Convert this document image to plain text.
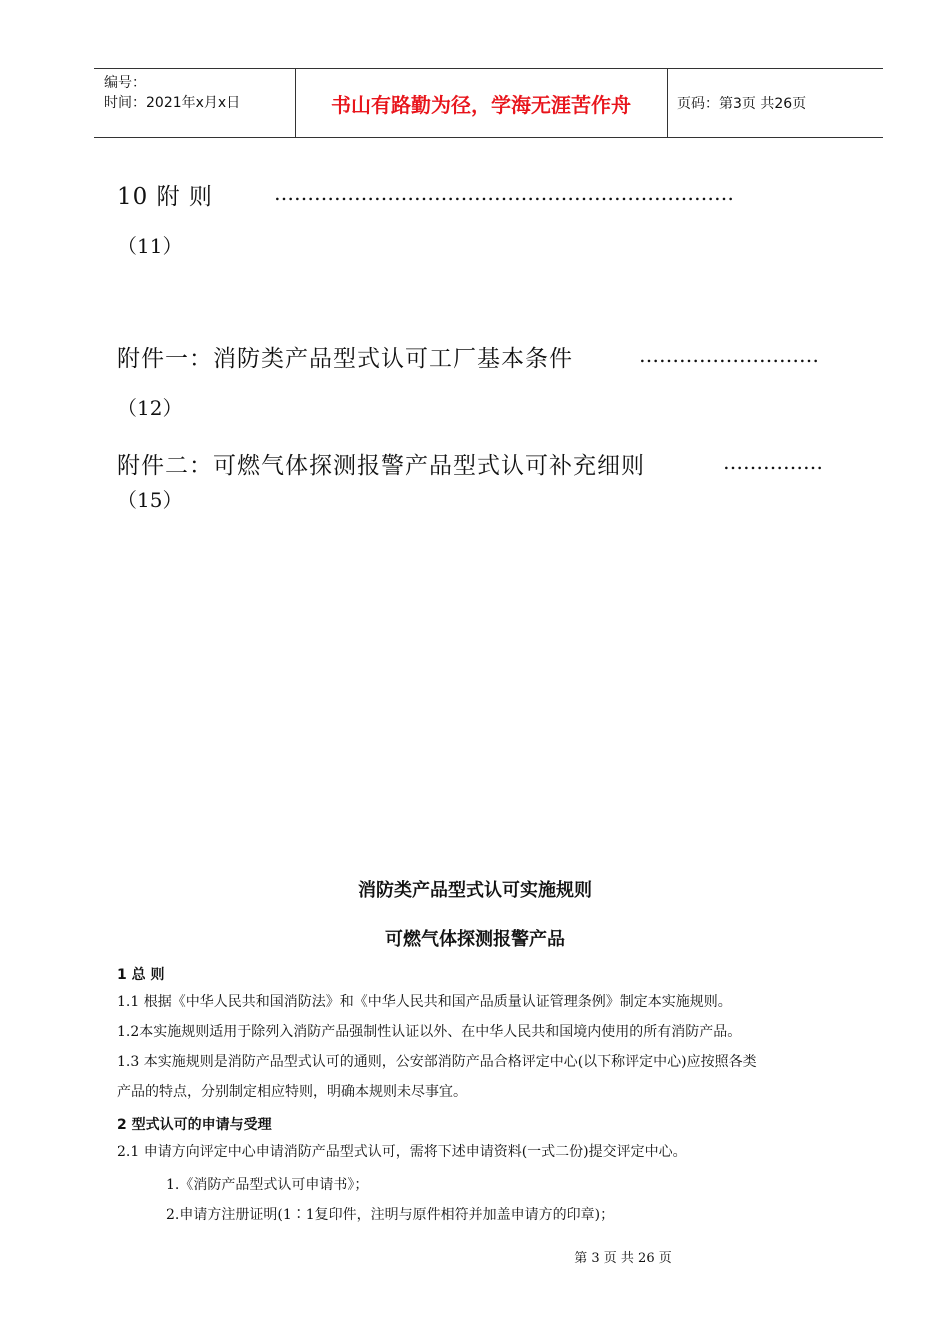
编号：
时间：2021年x月x日	书山有路勤为径，学海无涯苦作舟	页码：第3页 共26页
10 附 则	……………………………………………………………
（11）
附件一：消防类产品型式认可工厂基本条件	………………………
（12）
附件二：可燃气体探测报警产品型式认可补充细则	……………
（15）
消防类产品型式认可实施规则
可燃气体探测报警产品
1 总 则
1.1 根据《中华人民共和国消防法》和《中华人民共和国产品质量认证管理条例》制定本实施规则。
1.2本实施规则适用于除列入消防产品强制性认证以外、在中华人民共和国境内使用的所有消防产品。
1.3 本实施规则是消防产品型式认可的通则，公安部消防产品合格评定中心(以下称评定中心)应按照各类
产品的特点，分别制定相应特则，明确本规则未尽事宜。
2 型式认可的申请与受理
2.1 申请方向评定中心申请消防产品型式认可，需将下述申请资料(一式二份)提交评定中心。
1.《消防产品型式认可申请书》；
2.申请方注册证明(1∶1复印件，注明与原件相符并加盖申请方的印章)；
第 3 页 共 26 页
